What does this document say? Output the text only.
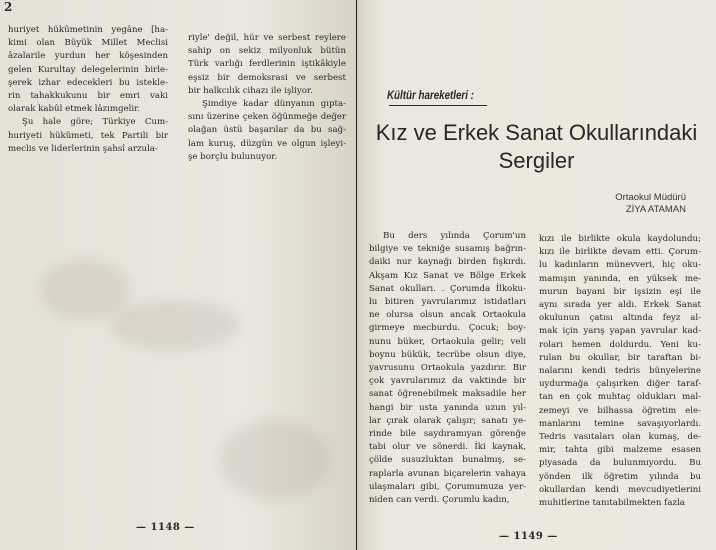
2
huriyet hükûmetinin yegâne [ha-
kimi olan Büyük Millet Meclisi
âzalarile yurdun her köşesinden
gelen Kurultay delegelerinin birle-
şerek izhar edecekleri bu istekle-
rin tahakkukunu bir emri vaki
olarak kabûl etmek lâzımgelir.
Şu hale göre; Türkiye Cum-
huriyeti hükûmeti, tek Partili bir
meclis ve liderlerinin şahsî arzula-
riyle' değil, hür ve serbest reylere
sahip on sekiz milyonluk bütün
Türk varlığı ferdlerinin iştikâkiyle
eşsiz bir demoksrasi ve serbest
bir halkcılık cihazı ile işliyor.
Şimdiye kadar dünyanın gıpta-
sını üzerine çeken öğünmeğe değer
olağan üstü başarılar da bu sağ-
lam kuruş, düzgün ve olgun işleyi-
şe borçlu bulunuyor.
— 1148 —
Kültür hareketleri :
Kız ve Erkek Sanat Okullarındaki
Sergiler
Ortaokul Müdürü
ZİYA ATAMAN
Bu ders yılında Çorum'un
bilgiye ve tekniğe susamış bağrın-
daiki nur kaynağı birden fışkırdı.
Akşam Kız Sanat ve Bölge Erkek
Sanat okulları. . Çorumda İlkoku-
lu bitiren yavrularımız istidatları
ne olursa olsun ancak Ortaokula
girmeye mecburdu. Çocuk; boy-
nunu büker, Ortaokula gelir; veli
boynu bükük, tecrübe olsun diye,
yavrusunu Ortaokula yazdırır. Bir
çok yavrularımız da vaktinde bir
sanat öğrenebilmek maksadile her
hangi bir usta yanında uzun yıl-
lar çırak olarak çalışır; sanatı ye-
rinde bile saydıramıyan görenğe
tabi olur ve sönerdi. İki kaynak,
çölde susuzluktan bunalmış, se-
raplarla avunan biçarelerin vahaya
ulaşmaları gibi, Çorumumuza yer-
niden can verdi. Çorumlu kadın,
kızı ile birlikte okula kaydolundu;
kızı ile birlikte devam etti. Çorum-
lu kadınların münevveri, hiç oku-
mamışın yanında, en yüksek me-
murun bayani bir işsizin eşi ile
aynı sırada yer aldı. Erkek Sanat
okulunun çatısı altında feyz al-
mak için yarış yapan yavrular kad-
roları hemen doldurdu. Yeni ku-
rulan bu okullar, bir taraftan bi-
nalarını kendi tedris bünyelerine
uydurmağa çalışırken diğer taraf-
tan en çok muhtaç oldukları mal-
zemeyi ve bilhassa öğretim ele-
manlarını temine savaşıyorlardı.
Tedris vasıtaları olan kumaş, de-
mir, tahta gibi malzeme esasen
piyasada da bulunmıyordu. Bu
yönden ilk öğretim yılında bu
okullardan kendi mevcudiyetlerini
muhitlerine tanıtabilmekten fazla
— 1149 —
